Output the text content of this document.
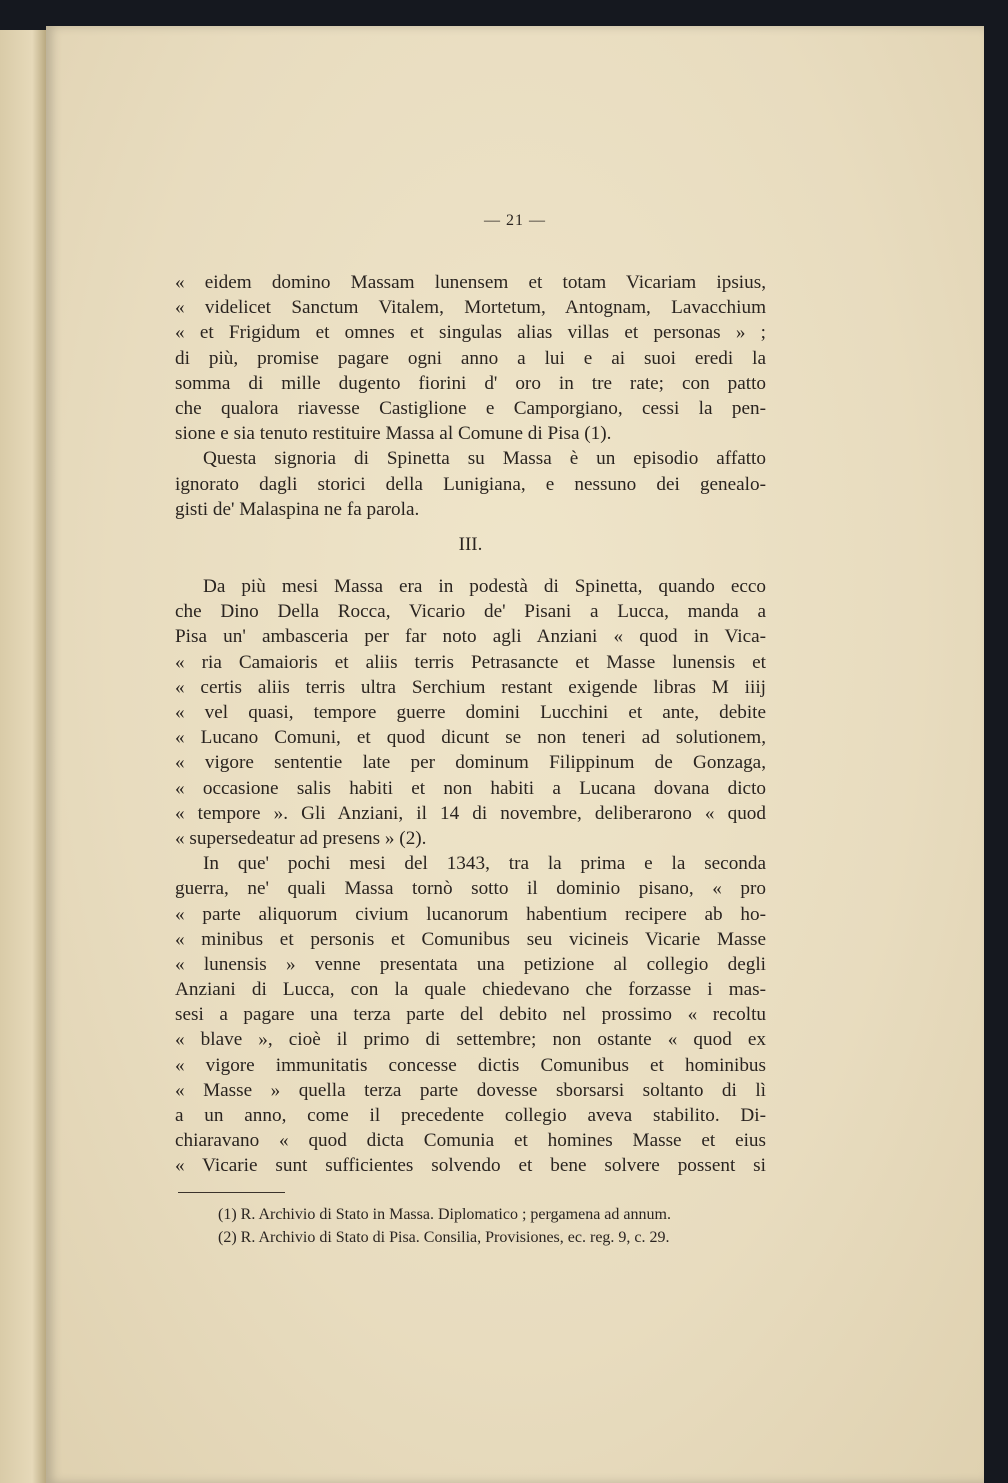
— 21 —
« eidem domino Massam lunensem et totam Vicariam ipsius,
« videlicet Sanctum Vitalem, Mortetum, Antognam, Lavacchium
« et Frigidum et omnes et singulas alias villas et personas » ;
di più, promise pagare ogni anno a lui e ai suoi eredi la
somma di mille dugento fiorini d' oro in tre rate; con patto
che qualora riavesse Castiglione e Camporgiano, cessi la pen-
sione e sia tenuto restituire Massa al Comune di Pisa (1).
Questa signoria di Spinetta su Massa è un episodio affatto
ignorato dagli storici della Lunigiana, e nessuno dei genealo-
gisti de' Malaspina ne fa parola.
III.
Da più mesi Massa era in podestà di Spinetta, quando ecco
che Dino Della Rocca, Vicario de' Pisani a Lucca, manda a
Pisa un' ambasceria per far noto agli Anziani « quod in Vica-
« ria Camaioris et aliis terris Petrasancte et Masse lunensis et
« certis aliis terris ultra Serchium restant exigende libras M iiij
« vel quasi, tempore guerre domini Lucchini et ante, debite
« Lucano Comuni, et quod dicunt se non teneri ad solutionem,
« vigore sententie late per dominum Filippinum de Gonzaga,
« occasione salis habiti et non habiti a Lucana dovana dicto
« tempore ». Gli Anziani, il 14 di novembre, deliberarono « quod
« supersedeatur ad presens » (2).
In que' pochi mesi del 1343, tra la prima e la seconda
guerra, ne' quali Massa tornò sotto il dominio pisano, « pro
« parte aliquorum civium lucanorum habentium recipere ab ho-
« minibus et personis et Comunibus seu vicineis Vicarie Masse
« lunensis » venne presentata una petizione al collegio degli
Anziani di Lucca, con la quale chiedevano che forzasse i mas-
sesi a pagare una terza parte del debito nel prossimo « recoltu
« blave », cioè il primo di settembre; non ostante « quod ex
« vigore immunitatis concesse dictis Comunibus et hominibus
« Masse » quella terza parte dovesse sborsarsi soltanto di lì
a un anno, come il precedente collegio aveva stabilito. Di-
chiaravano « quod dicta Comunia et homines Masse et eius
« Vicarie sunt sufficientes solvendo et bene solvere possent si
(1) R. Archivio di Stato in Massa. Diplomatico ; pergamena ad annum.
(2) R. Archivio di Stato di Pisa. Consilia, Provisiones, ec. reg. 9, c. 29.
